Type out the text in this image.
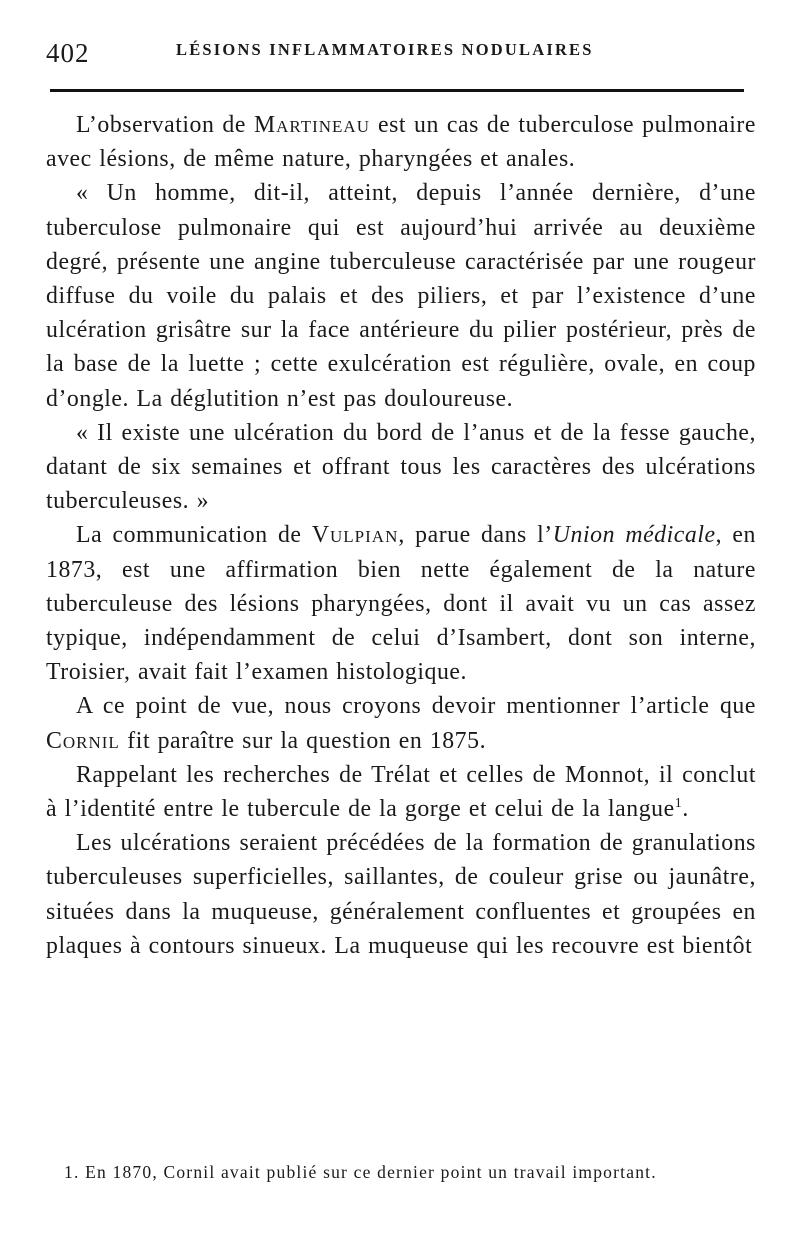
402	LÉSIONS INFLAMMATOIRES NODULAIRES

L’observation de Martineau est un cas de tuberculose pulmonaire avec lésions, de même nature, pharyngées et anales.

« Un homme, dit-il, atteint, depuis l’année dernière, d’une tuberculose pulmonaire qui est aujourd’hui arrivée au deuxième degré, présente une angine tuberculeuse caractérisée par une rougeur diffuse du voile du palais et des piliers, et par l’existence d’une ulcération grisâtre sur la face antérieure du pilier postérieur, près de la base de la luette ; cette exulcération est régulière, ovale, en coup d’ongle. La déglutition n’est pas douloureuse.

« Il existe une ulcération du bord de l’anus et de la fesse gauche, datant de six semaines et offrant tous les caractères des ulcérations tuberculeuses. »

La communication de Vulpian, parue dans l’Union médicale, en 1873, est une affirmation bien nette également de la nature tuberculeuse des lésions pharyngées, dont il avait vu un cas assez typique, indépendamment de celui d’Isambert, dont son interne, Troisier, avait fait l’examen histologique.

A ce point de vue, nous croyons devoir mentionner l’article que Cornil fit paraître sur la question en 1875.

Rappelant les recherches de Trélat et celles de Monnot, il conclut à l’identité entre le tubercule de la gorge et celui de la langue$^1$.

Les ulcérations seraient précédées de la formation de granulations tuberculeuses superficielles, saillantes, de couleur grise ou jaunâtre, situées dans la muqueuse, généralement confluentes et groupées en plaques à contours sinueux. La muqueuse qui les recouvre est bientôt

1. En 1870, Cornil avait publié sur ce dernier point un travail important.
